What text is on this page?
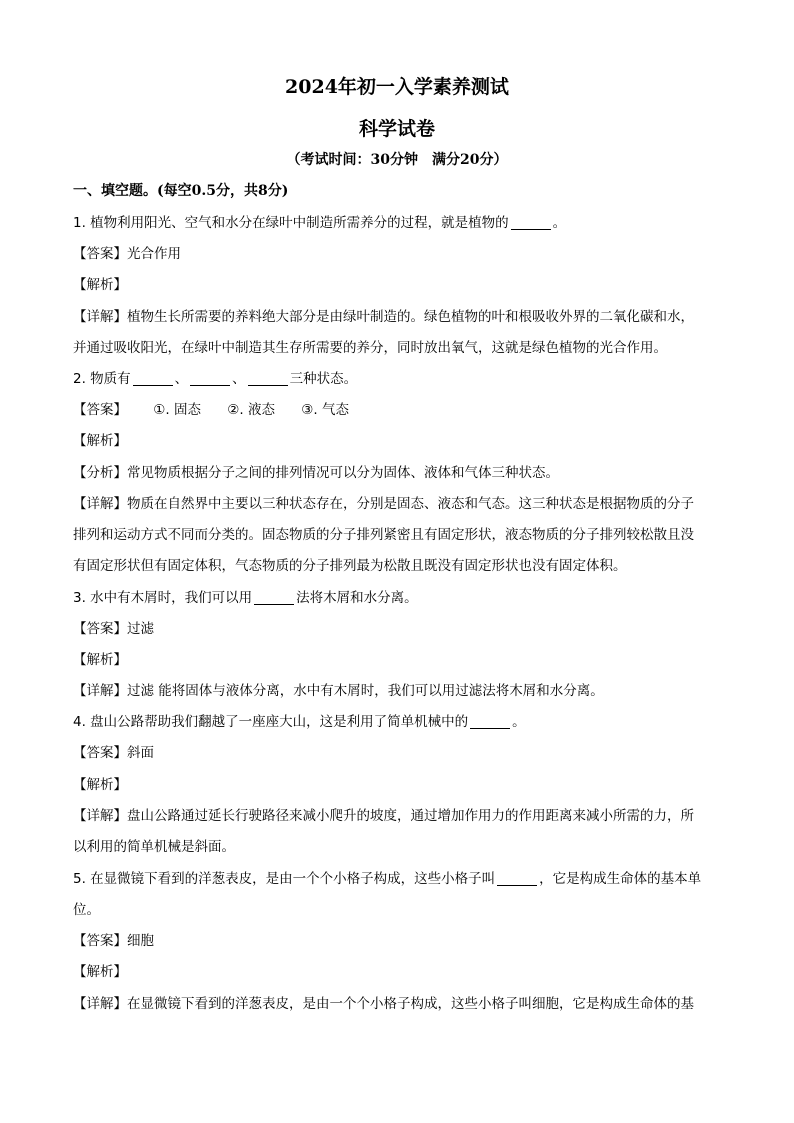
2024年初一入学素养测试
科学试卷
（考试时间：30分钟　满分20分）
一、填空题。(每空0.5分，共8分)
1. 植物利用阳光、空气和水分在绿叶中制造所需养分的过程，就是植物的	。
【答案】光合作用
【解析】
【详解】植物生长所需要的养料绝大部分是由绿叶制造的。绿色植物的叶和根吸收外界的二氧化碳和水，
并通过吸收阳光，在绿叶中制造其生存所需要的养分，同时放出氧气，这就是绿色植物的光合作用。
2. 物质有	、	、	三种状态。
【答案】 ①. 固态 ②. 液态 ③. 气态
【解析】
【分析】常见物质根据分子之间的排列情况可以分为固体、液体和气体三种状态。
【详解】物质在自然界中主要以三种状态存在，分别是固态、液态和气态。这三种状态是根据物质的分子
排列和运动方式不同而分类的。固态物质的分子排列紧密且有固定形状，液态物质的分子排列较松散且没
有固定形状但有固定体积，气态物质的分子排列最为松散且既没有固定形状也没有固定体积。
3. 水中有木屑时，我们可以用	法将木屑和水分离。
【答案】过滤
【解析】
【详解】过滤 能将固体与液体分离，水中有木屑时，我们可以用过滤法将木屑和水分离。
4. 盘山公路帮助我们翻越了一座座大山，这是利用了简单机械中的	。
【答案】斜面
【解析】
【详解】盘山公路通过延长行驶路径来减小爬升的坡度，通过增加作用力的作用距离来减小所需的力，所
以利用的简单机械是斜面。
5. 在显微镜下看到的洋葱表皮，是由一个个小格子构成，这些小格子叫	，它是构成生命体的基本单
位。
【答案】细胞
【解析】
【详解】在显微镜下看到的洋葱表皮，是由一个个小格子构成，这些小格子叫细胞，它是构成生命体的基
